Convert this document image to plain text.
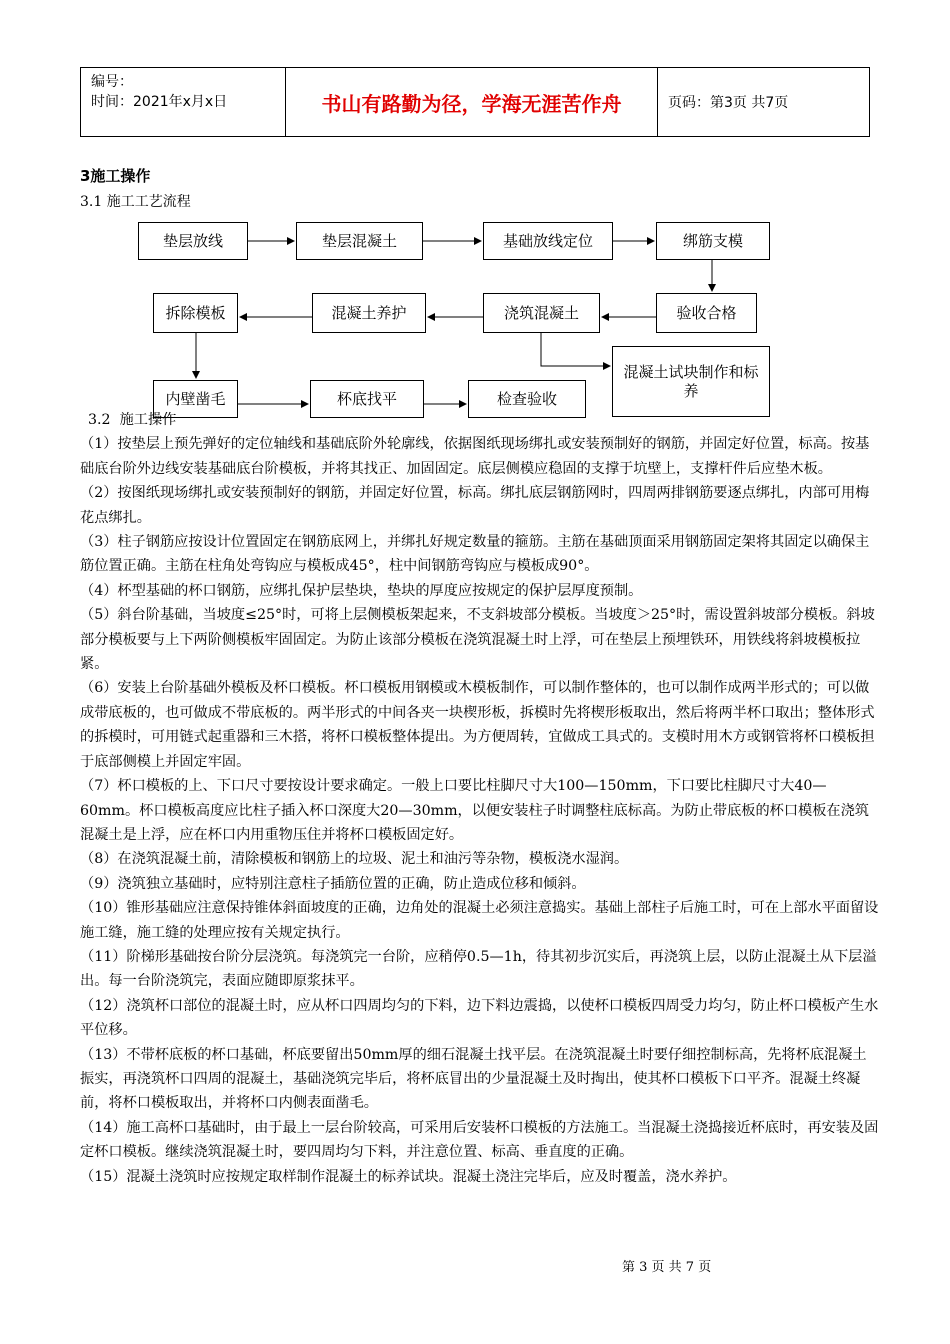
编号：
时间：2021年x月x日	书山有路勤为径，学海无涯苦作舟	页码：第3页 共7页
3施工操作
3.1 施工工艺流程
垫层放线	垫层混凝土	基础放线定位	绑筋支模
验收合格
浇筑混凝土
混凝土养护
拆除模板
内壁凿毛	杯底找平	检查验收
混凝土试块制作和标养

3.2  施工操作

（1）按垫层上预先弹好的定位轴线和基础底阶外轮廓线，依据图纸现场绑扎或安装预制好的钢筋，并固定好位置，标高。按基础底台阶外边线安装基础底台阶模板，并将其找正、加固固定。底层侧模应稳固的支撑于坑壁上，支撑杆件后应垫木板。

（2）按图纸现场绑扎或安装预制好的钢筋，并固定好位置，标高。绑扎底层钢筋网时，四周两排钢筋要逐点绑扎，内部可用梅花点绑扎。

（3）柱子钢筋应按设计位置固定在钢筋底网上，并绑扎好规定数量的箍筋。主筋在基础顶面采用钢筋固定架将其固定以确保主筋位置正确。主筋在柱角处弯钩应与模板成45°，柱中间钢筋弯钩应与模板成90°。

（4）杯型基础的杯口钢筋，应绑扎保护层垫块，垫块的厚度应按规定的保护层厚度预制。

（5）斜台阶基础，当坡度≤25°时，可将上层侧模板架起来，不支斜坡部分模板。当坡度＞25°时，需设置斜坡部分模板。斜坡部分模板要与上下两阶侧模板牢固固定。为防止该部分模板在浇筑混凝土时上浮，可在垫层上预埋铁环，用铁线将斜坡模板拉紧。

（6）安装上台阶基础外模板及杯口模板。杯口模板用钢模或木模板制作，可以制作整体的，也可以制作成两半形式的；可以做成带底板的，也可做成不带底板的。两半形式的中间各夹一块楔形板，拆模时先将楔形板取出，然后将两半杯口取出；整体形式的拆模时，可用链式起重器和三木搭，将杯口模板整体提出。为方便周转，宜做成工具式的。支模时用木方或钢管将杯口模板担于底部侧模上并固定牢固。

（7）杯口模板的上、下口尺寸要按设计要求确定。一般上口要比柱脚尺寸大100—150mm，下口要比柱脚尺寸大40—60mm。杯口模板高度应比柱子插入杯口深度大20—30mm，以便安装柱子时调整柱底标高。为防止带底板的杯口模板在浇筑混凝土是上浮，应在杯口内用重物压住并将杯口模板固定好。

（8）在浇筑混凝土前，清除模板和钢筋上的垃圾、泥土和油污等杂物，模板浇水湿润。

（9）浇筑独立基础时，应特别注意柱子插筋位置的正确，防止造成位移和倾斜。

（10）锥形基础应注意保持锥体斜面坡度的正确，边角处的混凝土必须注意捣实。基础上部柱子后施工时，可在上部水平面留设施工缝，施工缝的处理应按有关规定执行。

（11）阶梯形基础按台阶分层浇筑。每浇筑完一台阶，应稍停0.5—1h，待其初步沉实后，再浇筑上层，以防止混凝土从下层溢出。每一台阶浇筑完，表面应随即原浆抹平。

（12）浇筑杯口部位的混凝土时，应从杯口四周均匀的下料，边下料边震捣，以使杯口模板四周受力均匀，防止杯口模板产生水平位移。

（13）不带杯底板的杯口基础，杯底要留出50mm厚的细石混凝土找平层。在浇筑混凝土时要仔细控制标高，先将杯底混凝土振实，再浇筑杯口四周的混凝土，基础浇筑完毕后，将杯底冒出的少量混凝土及时掏出，使其杯口模板下口平齐。混凝土终凝前，将杯口模板取出，并将杯口内侧表面凿毛。

（14）施工高杯口基础时，由于最上一层台阶较高，可采用后安装杯口模板的方法施工。当混凝土浇捣接近杯底时，再安装及固定杯口模板。继续浇筑混凝土时，要四周均匀下料，并注意位置、标高、垂直度的正确。

（15）混凝土浇筑时应按规定取样制作混凝土的标养试块。混凝土浇注完毕后，应及时覆盖，浇水养护。

第 3 页 共 7 页
